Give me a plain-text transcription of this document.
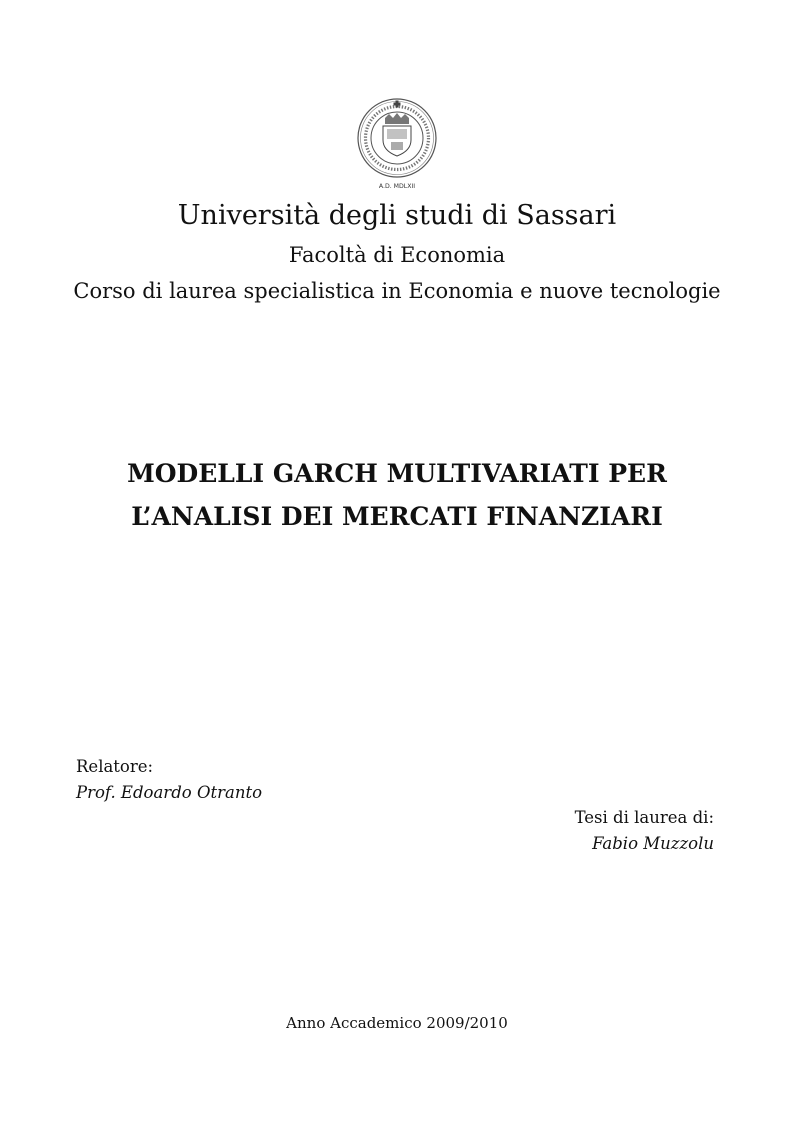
A.D. MDLXII
Università degli studi di Sassari
Facoltà di Economia
Corso di laurea specialistica in Economia e nuove tecnologie
MODELLI GARCH MULTIVARIATI PER
L’ANALISI DEI MERCATI FINANZIARI
Relatore:
Prof. Edoardo Otranto
Tesi di laurea di:
Fabio Muzzolu
Anno Accademico 2009/2010
